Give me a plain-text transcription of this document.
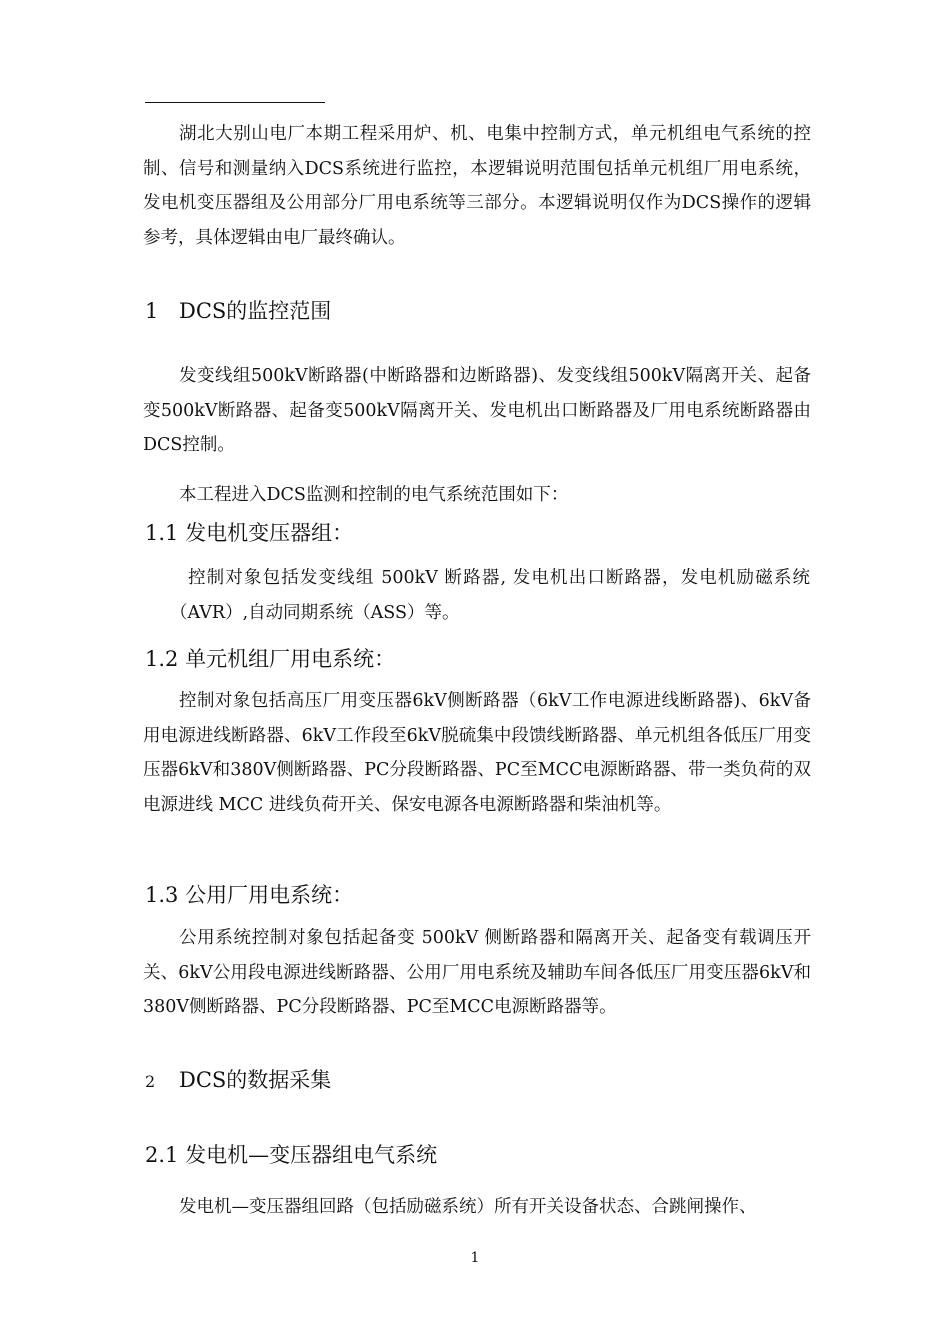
湖北大别山电厂本期工程采用炉、机、电集中控制方式，单元机组电气系统的控制、信号和测量纳入DCS系统进行监控，本逻辑说明范围包括单元机组厂用电系统，发电机变压器组及公用部分厂用电系统等三部分。本逻辑说明仅作为DCS操作的逻辑参考，具体逻辑由电厂最终确认。

1 DCS的监控范围

发变线组500kV断路器(中断路器和边断路器)、发变线组500kV隔离开关、起备变500kV断路器、起备变500kV隔离开关、发电机出口断路器及厂用电系统断路器由DCS控制。

本工程进入DCS监测和控制的电气系统范围如下：

1.1 发电机变压器组：

控制对象包括发变线组 500kV 断路器, 发电机出口断路器，发电机励磁系统（AVR）,自动同期系统（ASS）等。

1.2 单元机组厂用电系统：

控制对象包括高压厂用变压器6kV侧断路器（6kV工作电源进线断路器)、6kV备用电源进线断路器、6kV工作段至6kV脱硫集中段馈线断路器、单元机组各低压厂用变压器6kV和380V侧断路器、PC分段断路器、PC至MCC电源断路器、带一类负荷的双电源进线 MCC 进线负荷开关、保安电源各电源断路器和柴油机等。

1.3 公用厂用电系统：

公用系统控制对象包括起备变 500kV 侧断路器和隔离开关、起备变有载调压开关、6kV公用段电源进线断路器、公用厂用电系统及辅助车间各低压厂用变压器6kV和380V侧断路器、PC分段断路器、PC至MCC电源断路器等。

2 DCS的数据采集
2.1 发电机—变压器组电气系统

发电机—变压器组回路（包括励磁系统）所有开关设备状态、合跳闸操作、

1
